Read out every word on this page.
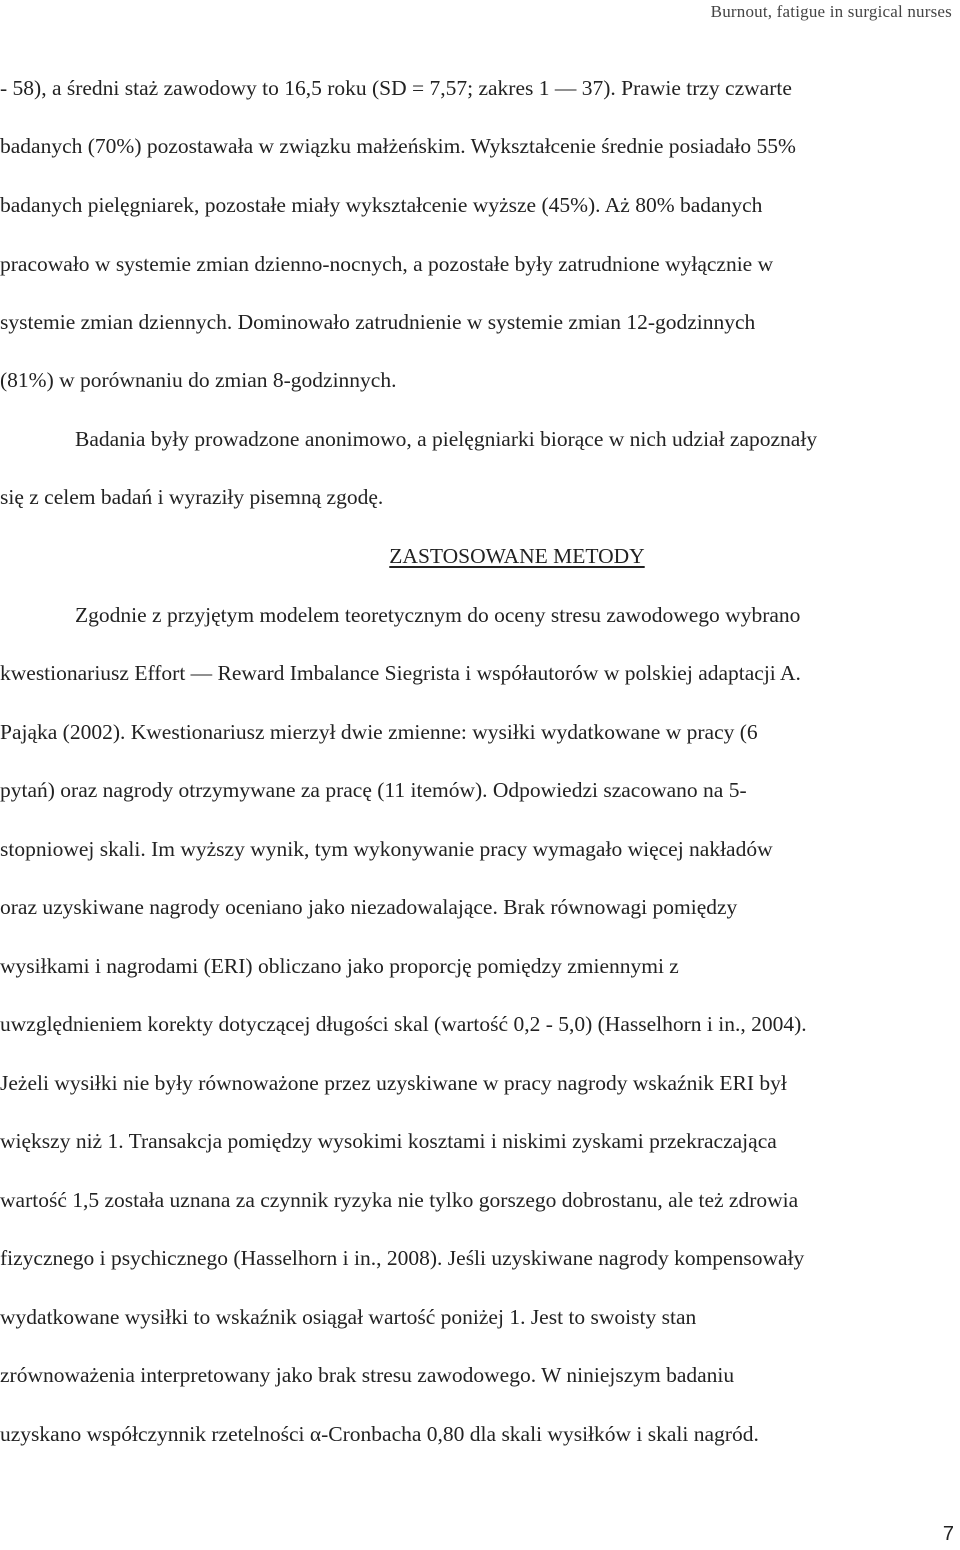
Burnout, fatigue in surgical nurses
- 58), a średni staż zawodowy to 16,5 roku (SD = 7,57; zakres 1 — 37). Prawie trzy czwarte
badanych (70%) pozostawała w związku małżeńskim. Wykształcenie średnie posiadało 55%
badanych pielęgniarek, pozostałe miały wykształcenie wyższe (45%). Aż 80% badanych
pracowało w systemie zmian dzienno-nocnych, a pozostałe były zatrudnione wyłącznie w
systemie zmian dziennych. Dominowało zatrudnienie w systemie zmian 12-godzinnych
(81%) w porównaniu do zmian 8-godzinnych.
Badania były prowadzone anonimowo, a pielęgniarki biorące w nich udział zapoznały
się z celem badań i wyraziły pisemną zgodę.
ZASTOSOWANE METODY
Zgodnie z przyjętym modelem teoretycznym do oceny stresu zawodowego wybrano
kwestionariusz Effort — Reward Imbalance Siegrista i współautorów w polskiej adaptacji A.
Pająka (2002). Kwestionariusz mierzył dwie zmienne: wysiłki wydatkowane w pracy (6
pytań) oraz nagrody otrzymywane za pracę (11 itemów). Odpowiedzi szacowano na 5-
stopniowej skali. Im wyższy wynik, tym wykonywanie pracy wymagało więcej nakładów
oraz uzyskiwane nagrody oceniano jako niezadowalające. Brak równowagi pomiędzy
wysiłkami i nagrodami (ERI) obliczano jako proporcję pomiędzy zmiennymi z
uwzględnieniem korekty dotyczącej długości skal (wartość 0,2 - 5,0) (Hasselhorn i in., 2004).
Jeżeli wysiłki nie były równoważone przez uzyskiwane w pracy nagrody wskaźnik ERI był
większy niż 1. Transakcja pomiędzy wysokimi kosztami i niskimi zyskami przekraczająca
wartość 1,5 została uznana za czynnik ryzyka nie tylko gorszego dobrostanu, ale też zdrowia
fizycznego i psychicznego (Hasselhorn i in., 2008). Jeśli uzyskiwane nagrody kompensowały
wydatkowane wysiłki to wskaźnik osiągał wartość poniżej 1. Jest to swoisty stan
zrównoważenia interpretowany jako brak stresu zawodowego. W niniejszym badaniu
uzyskano współczynnik rzetelności α-Cronbacha 0,80 dla skali wysiłków i skali nagród.
7
